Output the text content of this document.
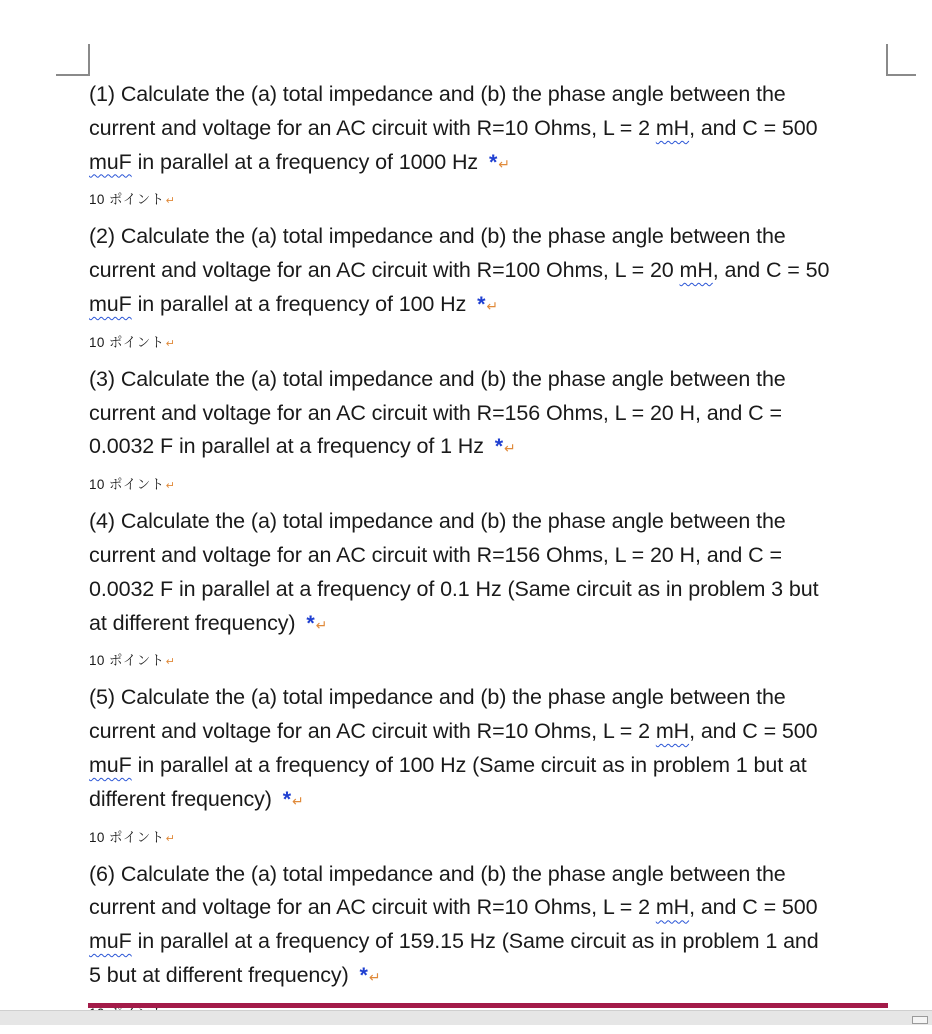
(1) Calculate the (a) total impedance and (b) the phase angle between the
current and voltage for an AC circuit with R=10 Ohms, L = 2 mH, and C = 500
muF in parallel at a frequency of 1000 Hz *↵

10 ポイント↵

(2) Calculate the (a) total impedance and (b) the phase angle between the
current and voltage for an AC circuit with R=100 Ohms, L = 20 mH, and C = 50
muF in parallel at a frequency of 100 Hz *↵

10 ポイント↵

(3) Calculate the (a) total impedance and (b) the phase angle between the
current and voltage for an AC circuit with R=156 Ohms, L = 20 H, and C =
0.0032 F in parallel at a frequency of 1 Hz *↵

10 ポイント↵

(4) Calculate the (a) total impedance and (b) the phase angle between the
current and voltage for an AC circuit with R=156 Ohms, L = 20 H, and C =
0.0032 F in parallel at a frequency of 0.1 Hz (Same circuit as in problem 3 but
at different frequency) *↵

10 ポイント↵

(5) Calculate the (a) total impedance and (b) the phase angle between the
current and voltage for an AC circuit with R=10 Ohms, L = 2 mH, and C = 500
muF in parallel at a frequency of 100 Hz (Same circuit as in problem 1 but at
different frequency) *↵

10 ポイント↵

(6) Calculate the (a) total impedance and (b) the phase angle between the
current and voltage for an AC circuit with R=10 Ohms, L = 2 mH, and C = 500
muF in parallel at a frequency of 159.15 Hz (Same circuit as in problem 1 and
5 but at different frequency) *↵
